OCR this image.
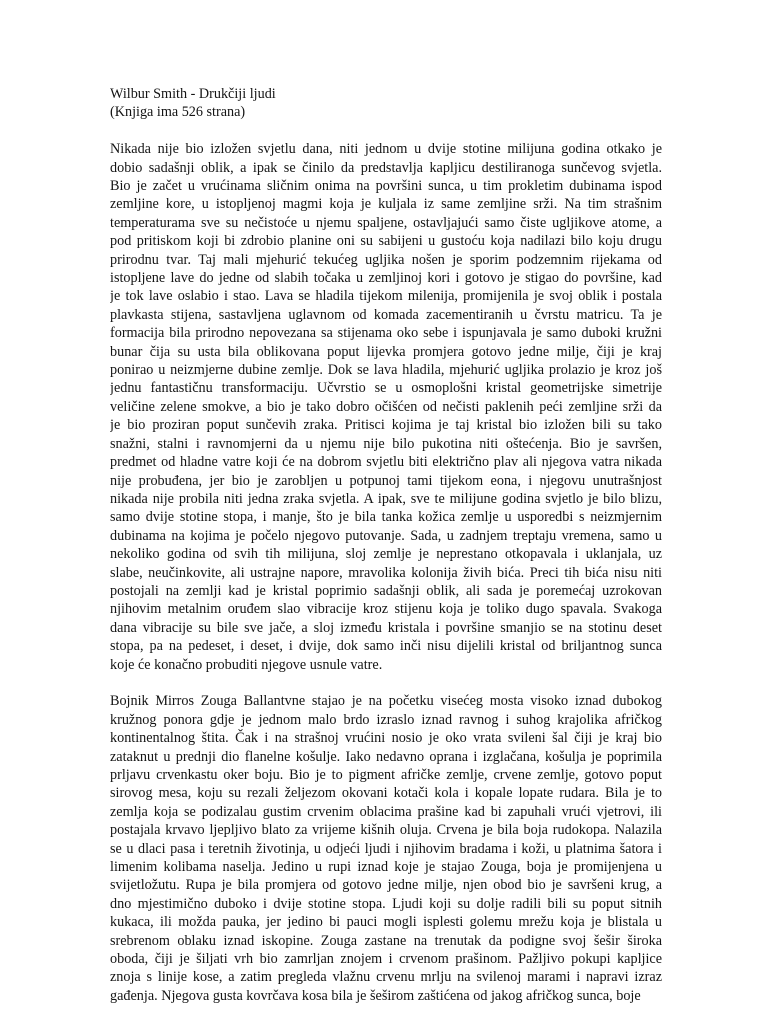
Wilbur Smith - Drukčiji ljudi

(Knjiga ima 526 strana)

Nikada nije bio izložen svjetlu dana, niti jednom u dvije stotine milijuna godina otkako je
dobio sadašnji oblik, a ipak se činilo da predstavlja kapljicu destiliranoga sunčevog svjetla.
Bio je začet u vrućinama sličnim onima na površini sunca, u tim prokletim dubinama ispod
zemljine kore, u istopljenoj magmi koja je kuljala iz same zemljine srži. Na tim strašnim
temperaturama sve su nečistoće u njemu spaljene, ostavljajući samo čiste ugljikove atome, a
pod pritiskom koji bi zdrobio planine oni su sabijeni u gustoću koja nadilazi bilo koju drugu
prirodnu tvar. Taj mali mjehurić tekućeg ugljika nošen je sporim podzemnim rijekama od
istopljene lave do jedne od slabih točaka u zemljinoj kori i gotovo je stigao do površine, kad
je tok lave oslabio i stao. Lava se hladila tijekom milenija, promijenila je svoj oblik i postala
plavkasta stijena, sastavljena uglavnom od komada zacementiranih u čvrstu matricu. Ta je
formacija bila prirodno nepovezana sa stijenama oko sebe i ispunjavala je samo duboki kružni
bunar čija su usta bila oblikovana poput lijevka promjera gotovo jedne milje, čiji je kraj
ponirao u neizmjerne dubine zemlje. Dok se lava hladila, mjehurić ugljika prolazio je kroz još
jednu fantastičnu transformaciju. Učvrstio se u osmoplošni kristal geometrijske simetrije
veličine zelene smokve, a bio je tako dobro očišćen od nečisti paklenih peći zemljine srži da
je bio proziran poput sunčevih zraka. Pritisci kojima je taj kristal bio izložen bili su tako
snažni, stalni i ravnomjerni da u njemu nije bilo pukotina niti oštećenja. Bio je savršen,
predmet od hladne vatre koji će na dobrom svjetlu biti električno plav ali njegova vatra nikada
nije probuđena, jer bio je zarobljen u potpunoj tami tijekom eona, i njegovu unutrašnjost
nikada nije probila niti jedna zraka svjetla. A ipak, sve te milijune godina svjetlo je bilo blizu,
samo dvije stotine stopa, i manje, što je bila tanka kožica zemlje u usporedbi s neizmjernim
dubinama na kojima je počelo njegovo putovanje. Sada, u zadnjem treptaju vremena, samo u
nekoliko godina od svih tih milijuna, sloj zemlje je neprestano otkopavala i uklanjala, uz
slabe, neučinkovite, ali ustrajne napore, mravolika kolonija živih bića. Preci tih bića nisu niti
postojali na zemlji kad je kristal poprimio sadašnji oblik, ali sada je poremećaj uzrokovan
njihovim metalnim oruđem slao vibracije kroz stijenu koja je toliko dugo spavala. Svakoga
dana vibracije su bile sve jače, a sloj između kristala i površine smanjio se na stotinu deset
stopa, pa na pedeset, i deset, i dvije, dok samo inči nisu dijelili kristal od briljantnog sunca
koje će konačno probuditi njegove usnule vatre.
Bojnik Mirros Zouga Ballantvne stajao je na početku visećeg mosta visoko iznad dubokog
kružnog ponora gdje je jednom malo brdo izraslo iznad ravnog i suhog krajolika afričkog
kontinentalnog štita. Čak i na strašnoj vrućini nosio je oko vrata svileni šal čiji je kraj bio
zataknut u prednji dio flanelne košulje. Iako nedavno oprana i izglačana, košulja je poprimila
prljavu crvenkastu oker boju. Bio je to pigment afričke zemlje, crvene zemlje, gotovo poput
sirovog mesa, koju su rezali željezom okovani kotači kola i kopale lopate rudara. Bila je to
zemlja koja se podizalau gustim crvenim oblacima prašine kad bi zapuhali vrući vjetrovi, ili
postajala krvavo ljepljivo blato za vrijeme kišnih oluja. Crvena je bila boja rudokopa. Nalazila
se u dlaci pasa i teretnih životinja, u odjeći ljudi i njihovim bradama i koži, u platnima šatora i
limenim kolibama naselja. Jedino u rupi iznad koje je stajao Zouga, boja je promijenjena u
svijetložutu. Rupa je bila promjera od gotovo jedne milje, njen obod bio je savršeni krug, a
dno mjestimično duboko i dvije stotine stopa. Ljudi koji su dolje radili bili su poput sitnih
kukaca, ili možda pauka, jer jedino bi pauci mogli isplesti golemu mrežu koja je blistala u
srebrenom oblaku iznad iskopine. Zouga zastane na trenutak da podigne svoj šešir široka
oboda, čiji je šiljati vrh bio zamrljan znojem i crvenom prašinom. Pažljivo pokupi kapljice
znoja s linije kose, a zatim pregleda vlažnu crvenu mrlju na svilenoj marami i napravi izraz
gađenja. Njegova gusta kovrčava kosa bila je šeširom zaštićena od jakog afričkog sunca, boje
